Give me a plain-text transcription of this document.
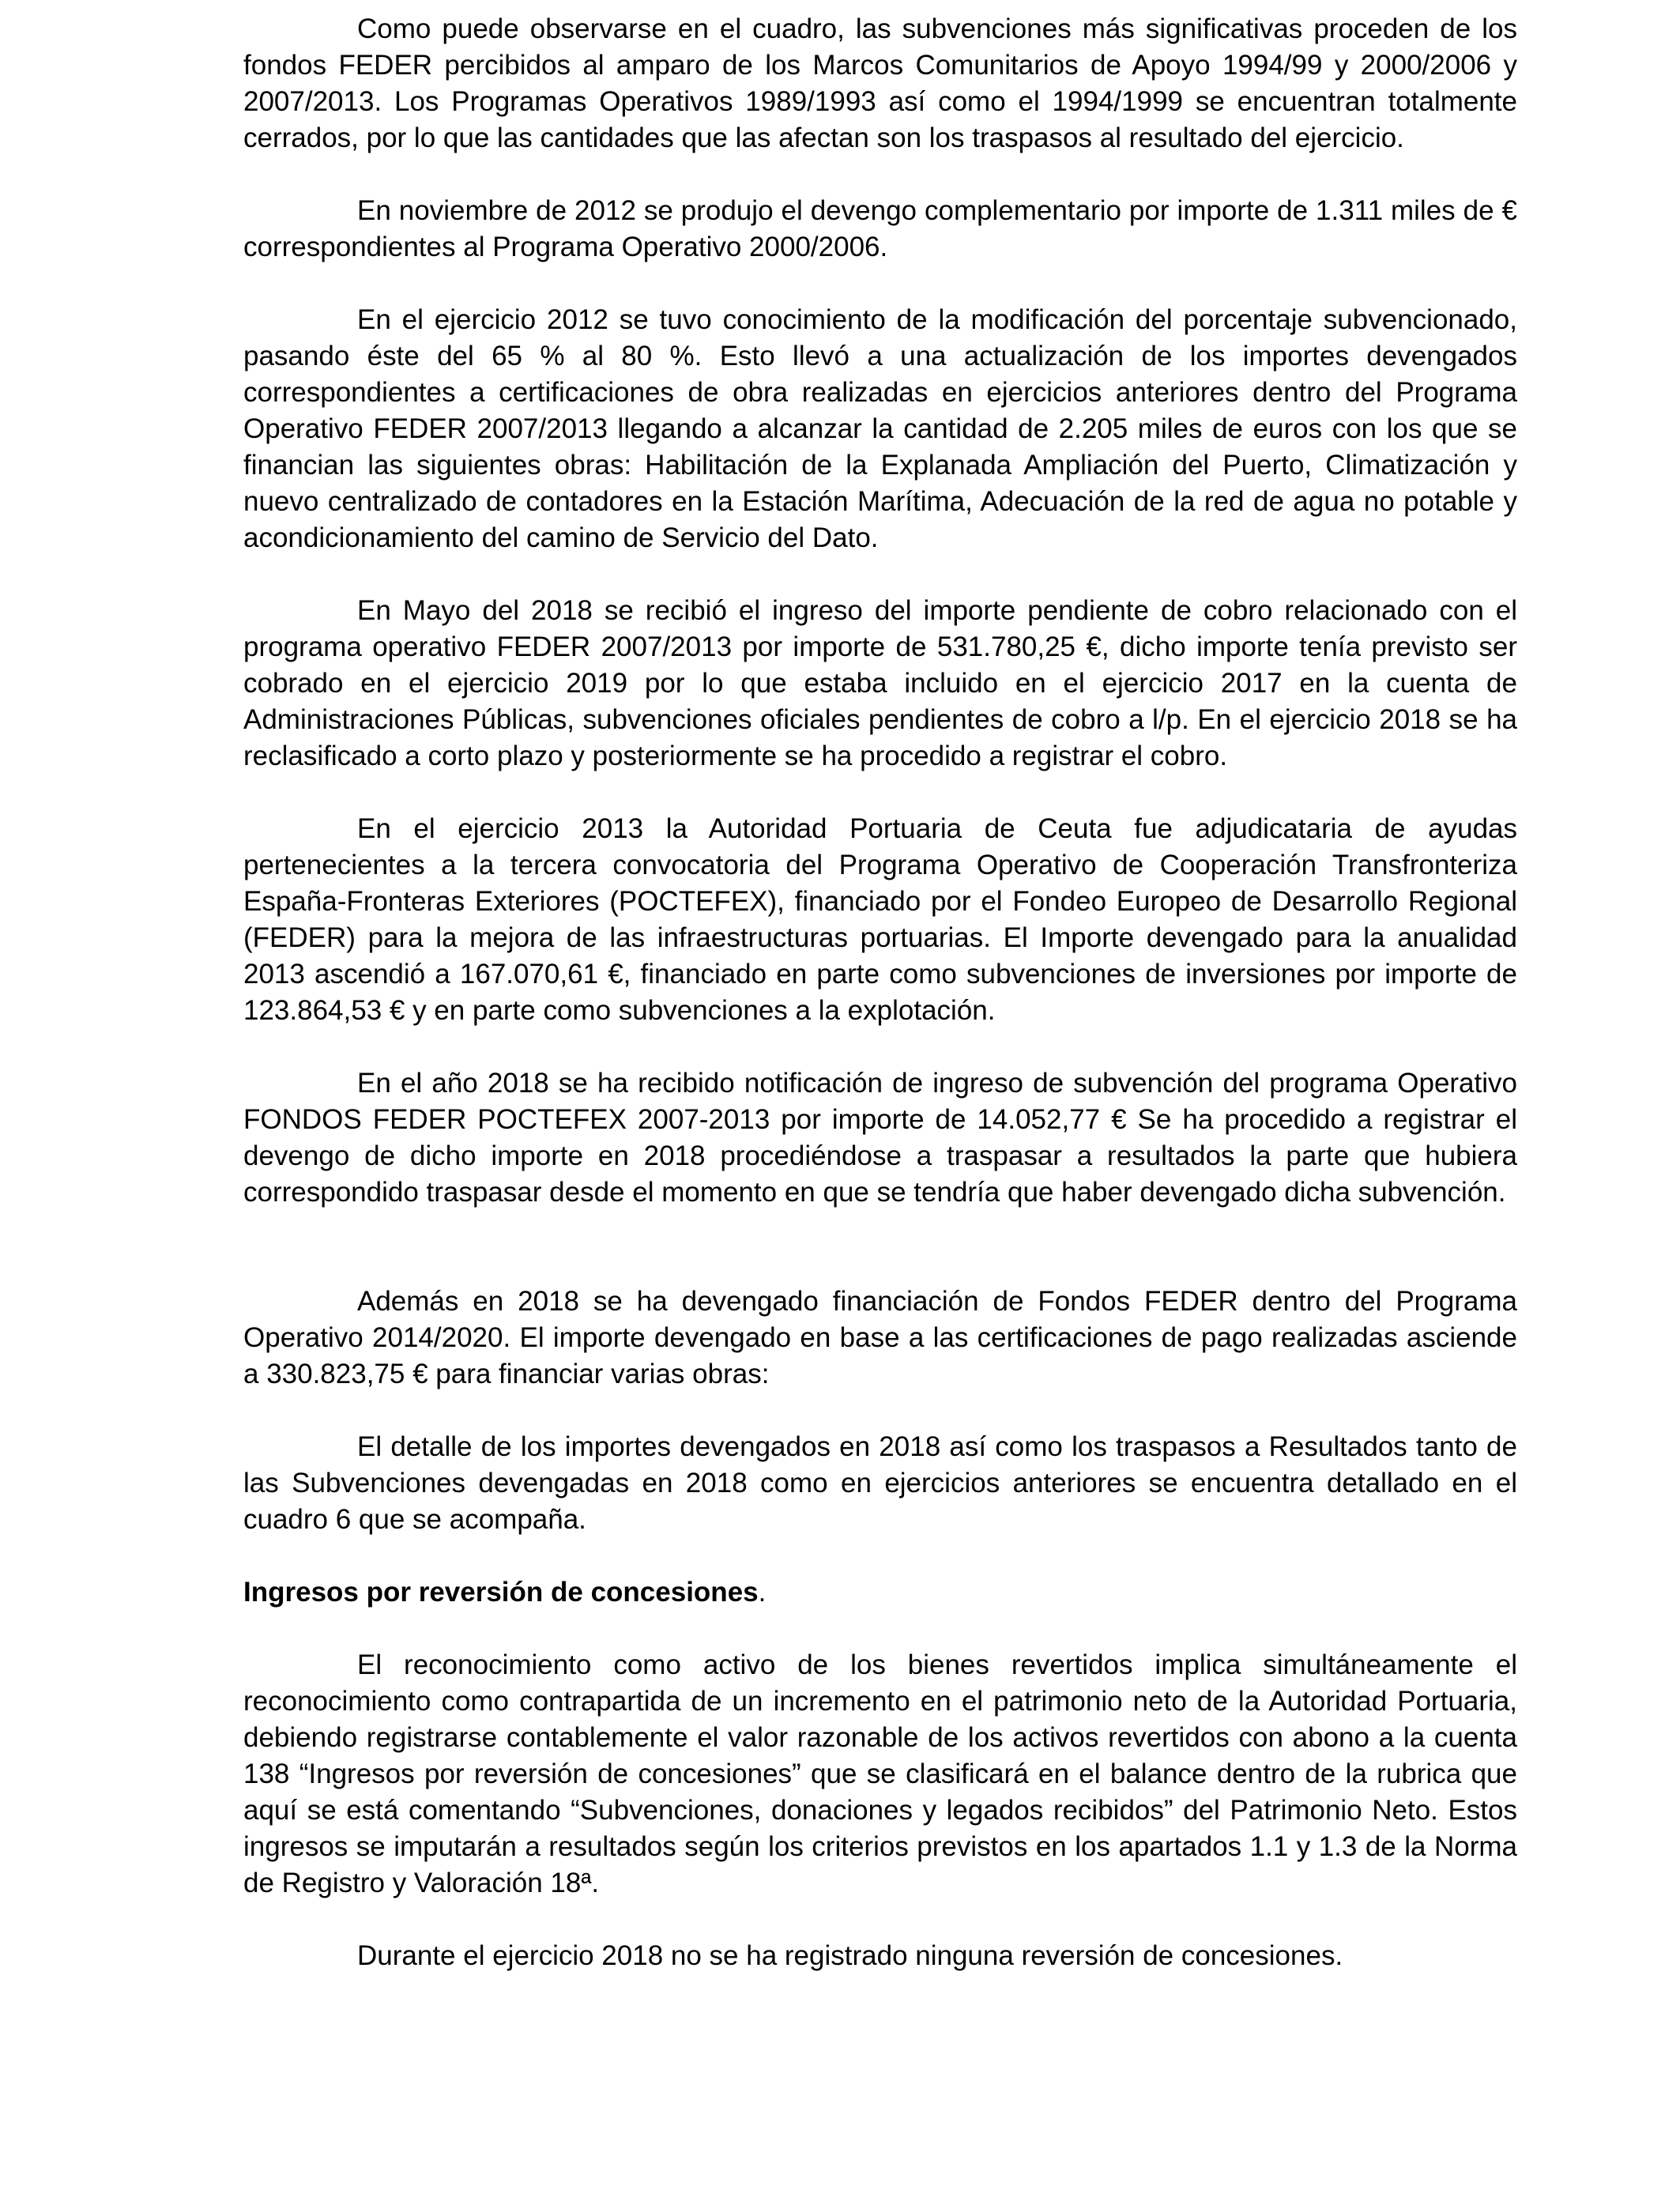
Como puede observarse en el cuadro, las subvenciones más significativas proceden de los fondos FEDER percibidos al amparo de los Marcos Comunitarios de Apoyo 1994/99 y 2000/2006 y 2007/2013. Los Programas Operativos 1989/1993 así como el 1994/1999 se encuentran totalmente cerrados, por lo que las cantidades que las afectan son los traspasos al resultado del ejercicio.

En noviembre de 2012 se produjo el devengo complementario por importe de 1.311 miles de € correspondientes al Programa Operativo 2000/2006.

En el ejercicio 2012 se tuvo conocimiento de la modificación del porcentaje subvencionado, pasando éste del 65 % al 80 %. Esto llevó a una actualización de los importes devengados correspondientes a certificaciones de obra realizadas en ejercicios anteriores dentro del Programa Operativo FEDER 2007/2013 llegando a alcanzar la cantidad de 2.205 miles de euros con los que se financian las siguientes obras: Habilitación de la Explanada Ampliación del Puerto, Climatización y nuevo centralizado de contadores en la Estación Marítima, Adecuación de la red de agua no potable y acondicionamiento del camino de Servicio del Dato.

En Mayo del 2018 se recibió el ingreso del importe pendiente de cobro relacionado con el programa operativo FEDER 2007/2013 por importe de 531.780,25 €, dicho importe tenía previsto ser cobrado en el ejercicio 2019 por lo que estaba incluido en el ejercicio 2017 en la cuenta de Administraciones Públicas, subvenciones oficiales pendientes de cobro a l/p. En el ejercicio 2018 se ha reclasificado a corto plazo y posteriormente se ha procedido a registrar el cobro.

En el ejercicio 2013 la Autoridad Portuaria de Ceuta fue adjudicataria de ayudas pertenecientes a la tercera convocatoria del Programa Operativo de Cooperación Transfronteriza España-Fronteras Exteriores (POCTEFEX), financiado por el Fondeo Europeo de Desarrollo Regional (FEDER) para la mejora de las infraestructuras portuarias. El Importe devengado para la anualidad 2013 ascendió a 167.070,61 €, financiado en parte como subvenciones de inversiones por importe de 123.864,53 € y en parte como subvenciones a la explotación.

En el año 2018 se ha recibido notificación de ingreso de subvención del programa Operativo FONDOS FEDER POCTEFEX 2007-2013 por importe de 14.052,77 € Se ha procedido a registrar el devengo de dicho importe en 2018 procediéndose a traspasar a resultados la parte que hubiera correspondido traspasar desde el momento en que se tendría que haber devengado dicha subvención.

Además en 2018 se ha devengado financiación de Fondos FEDER dentro del Programa Operativo 2014/2020. El importe devengado en base a las certificaciones de pago realizadas asciende a 330.823,75 € para financiar varias obras:

El detalle de los importes devengados en 2018 así como los traspasos a Resultados tanto de las Subvenciones devengadas en 2018 como en ejercicios anteriores se encuentra detallado en el cuadro 6 que se acompaña.

Ingresos por reversión de concesiones.

El reconocimiento como activo de los bienes revertidos implica simultáneamente el reconocimiento como contrapartida de un incremento en el patrimonio neto de la Autoridad Portuaria, debiendo registrarse contablemente el valor razonable de los activos revertidos con abono a la cuenta 138 “Ingresos por reversión de concesiones” que se clasificará en el balance dentro de la rubrica que aquí se está comentando “Subvenciones, donaciones y legados recibidos” del Patrimonio Neto. Estos ingresos se imputarán a resultados según los criterios previstos en los apartados 1.1 y 1.3 de la Norma de Registro y Valoración 18ª.

Durante el ejercicio 2018 no se ha registrado ninguna reversión de concesiones.
